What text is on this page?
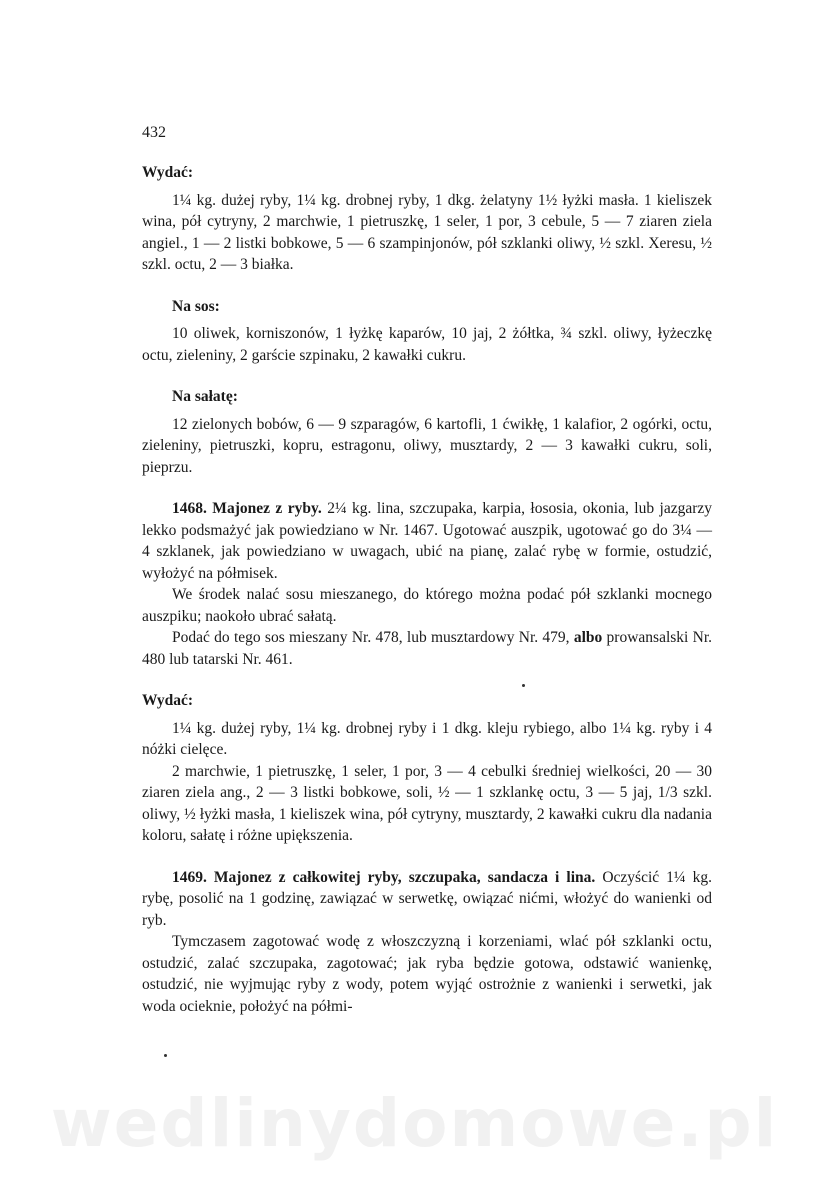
432

Wydać:

1¼ kg. dużej ryby, 1¼ kg. drobnej ryby, 1 dkg. żelatyny 1½ łyżki masła. 1 kieliszek wina, pół cytryny, 2 marchwie, 1 pietruszkę, 1 seler, 1 por, 3 cebule, 5 — 7 ziaren ziela angiel., 1 — 2 listki bobkowe, 5 — 6 szampinjonów, pół szklanki oliwy, ½ szkl. Xeresu, ½ szkl. octu, 2 — 3 białka.

Na sos:

10 oliwek, korniszonów, 1 łyżkę kaparów, 10 jaj, 2 żółtka, ¾ szkl. oliwy, łyżeczkę octu, zieleniny, 2 garście szpinaku, 2 kawałki cukru.

Na sałatę:

12 zielonych bobów, 6 — 9 szparagów, 6 kartofli, 1 ćwikłę, 1 kalafior, 2 ogórki, octu, zieleniny, pietruszki, kopru, estragonu, oliwy, musztardy, 2 — 3 kawałki cukru, soli, pieprzu.

1468. Majonez z ryby. 2¼ kg. lina, szczupaka, karpia, łososia, okonia, lub jazgarzy lekko podsmażyć jak powiedziano w Nr. 1467. Ugotować auszpik, ugotować go do 3¼ — 4 szklanek, jak powiedziano w uwagach, ubić na pianę, zalać rybę w formie, ostudzić, wyłożyć na półmisek.

We środek nalać sosu mieszanego, do którego można podać pół szklanki mocnego auszpiku; naokoło ubrać sałatą.

Podać do tego sos mieszany Nr. 478, lub musztardowy Nr. 479, albo prowansalski Nr. 480 lub tatarski Nr. 461.

Wydać:

1¼ kg. dużej ryby, 1¼ kg. drobnej ryby i 1 dkg. kleju rybiego, albo 1¼ kg. ryby i 4 nóżki cielęce.

2 marchwie, 1 pietruszkę, 1 seler, 1 por, 3 — 4 cebulki średniej wielkości, 20 — 30 ziaren ziela ang., 2 — 3 listki bobkowe, soli, ½ — 1 szklankę octu, 3 — 5 jaj, 1/3 szkl. oliwy, ½ łyżki masła, 1 kieliszek wina, pół cytryny, musztardy, 2 kawałki cukru dla nadania koloru, sałatę i różne upiększenia.

1469. Majonez z całkowitej ryby, szczupaka, sandacza i lina. Oczyścić 1¼ kg. rybę, posolić na 1 godzinę, zawiązać w serwetkę, owiązać nićmi, włożyć do wanienki od ryb.

Tymczasem zagotować wodę z włoszczyzną i korzeniami, wlać pół szklanki octu, ostudzić, zalać szczupaka, zagotować; jak ryba będzie gotowa, odstawić wanienkę, ostudzić, nie wyjmując ryby z wody, potem wyjąć ostrożnie z wanienki i serwetki, jak woda ocieknie, położyć na półmi-

wedlinydomowe.pl
